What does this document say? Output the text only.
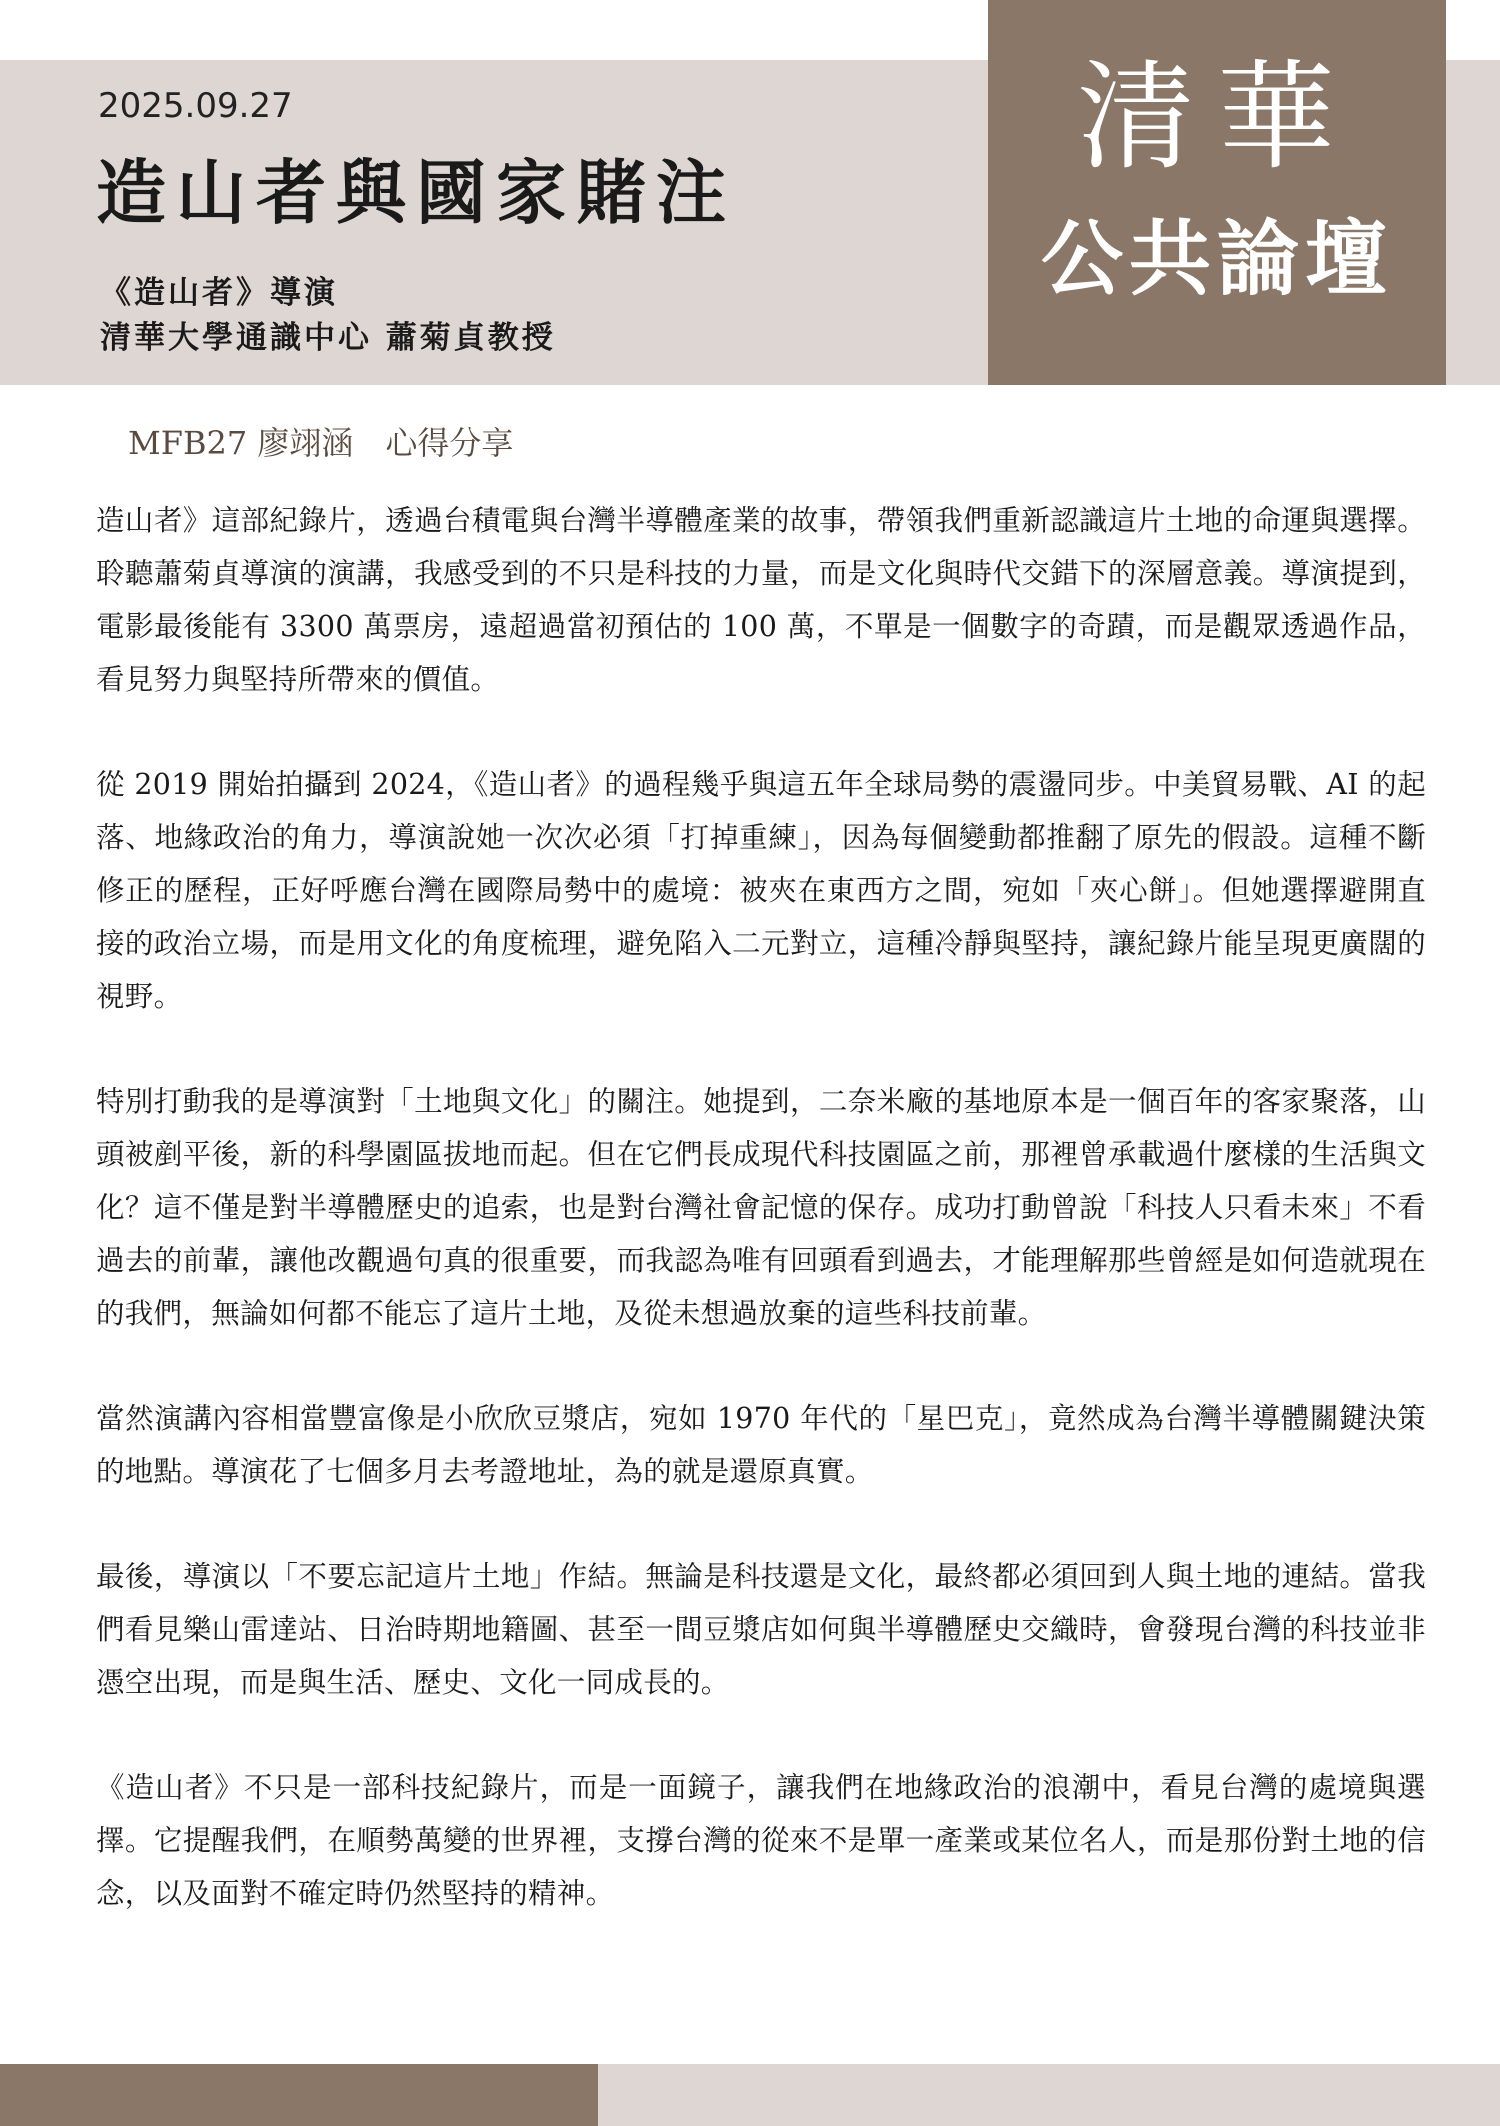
清華
公共論壇
2025.09.27
造山者與國家賭注
《造山者》導演
清華大學通識中心 蕭菊貞教授
MFB27 廖翊涵　心得分享

造山者》這部紀錄片，透過台積電與台灣半導體產業的故事，帶領我們重新認識這片土地的命運與選擇。聆聽蕭菊貞導演的演講，我感受到的不只是科技的力量，而是文化與時代交錯下的深層意義。導演提到，電影最後能有 3300 萬票房，遠超過當初預估的 100 萬，不單是一個數字的奇蹟，而是觀眾透過作品，看見努力與堅持所帶來的價值。

從 2019 開始拍攝到 2024，《造山者》的過程幾乎與這五年全球局勢的震盪同步。中美貿易戰、AI 的起落、地緣政治的角力，導演說她一次次必須「打掉重練」，因為每個變動都推翻了原先的假設。這種不斷修正的歷程，正好呼應台灣在國際局勢中的處境：被夾在東西方之間，宛如「夾心餅」。但她選擇避開直接的政治立場，而是用文化的角度梳理，避免陷入二元對立，這種冷靜與堅持，讓紀錄片能呈現更廣闊的視野。

特別打動我的是導演對「土地與文化」的關注。她提到，二奈米廠的基地原本是一個百年的客家聚落，山頭被剷平後，新的科學園區拔地而起。但在它們長成現代科技園區之前，那裡曾承載過什麼樣的生活與文化？這不僅是對半導體歷史的追索，也是對台灣社會記憶的保存。成功打動曾說「科技人只看未來」不看過去的前輩，讓他改觀過句真的很重要，而我認為唯有回頭看到過去，才能理解那些曾經是如何造就現在的我們，無論如何都不能忘了這片土地，及從未想過放棄的這些科技前輩。

當然演講內容相當豐富像是小欣欣豆漿店，宛如 1970 年代的「星巴克」，竟然成為台灣半導體關鍵決策的地點。導演花了七個多月去考證地址，為的就是還原真實。

最後，導演以「不要忘記這片土地」作結。無論是科技還是文化，最終都必須回到人與土地的連結。當我們看見樂山雷達站、日治時期地籍圖、甚至一間豆漿店如何與半導體歷史交織時，會發現台灣的科技並非憑空出現，而是與生活、歷史、文化一同成長的。

《造山者》不只是一部科技紀錄片，而是一面鏡子，讓我們在地緣政治的浪潮中，看見台灣的處境與選擇。它提醒我們，在順勢萬變的世界裡，支撐台灣的從來不是單一產業或某位名人，而是那份對土地的信念，以及面對不確定時仍然堅持的精神。
